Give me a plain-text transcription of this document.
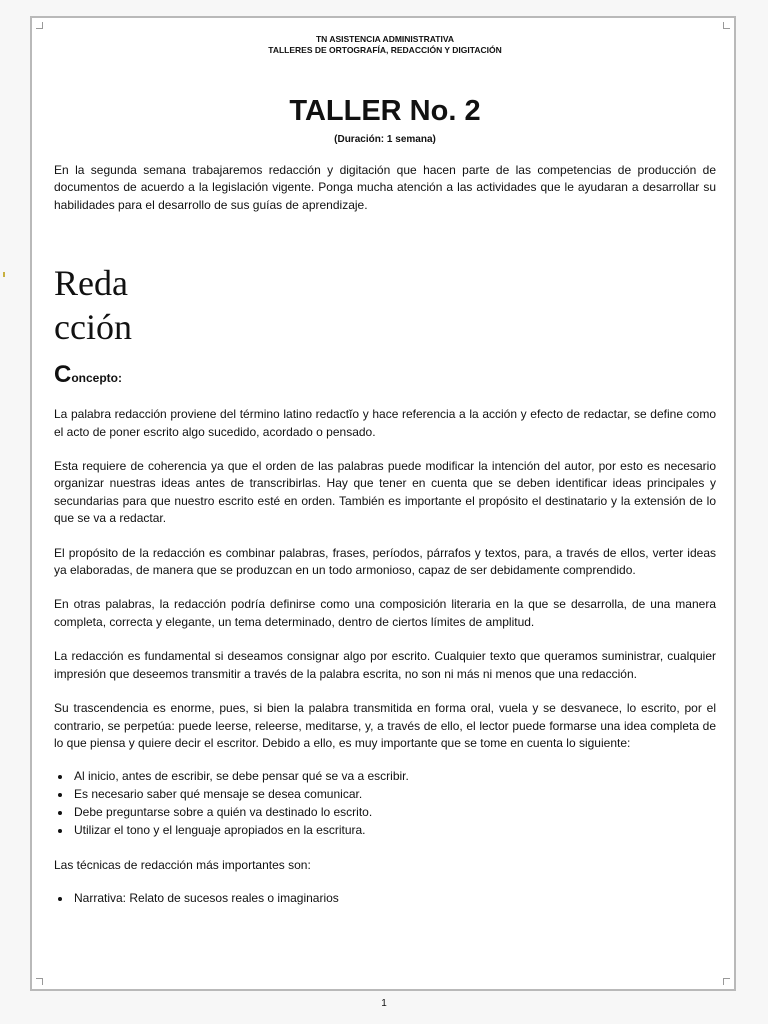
TN ASISTENCIA ADMINISTRATIVA
TALLERES DE ORTOGRAFÍA, REDACCIÓN Y DIGITACIÓN
TALLER No. 2
(Duración: 1 semana)

En la segunda semana trabajaremos redacción y digitación que hacen parte de las competencias de producción de documentos de acuerdo a la legislación vigente. Ponga mucha atención a las actividades que le ayudaran a desarrollar su habilidades para el desarrollo de sus guías de aprendizaje.

Reda
cción
Concepto:

La palabra redacción proviene del término latino redactĭo y hace referencia a la acción y efecto de redactar, se define como el acto de poner escrito algo sucedido, acordado o pensado.

Esta requiere de coherencia ya que el orden de las palabras puede modificar la intención del autor, por esto es necesario organizar nuestras ideas antes de transcribirlas. Hay que tener en cuenta que se deben identificar ideas principales y secundarias para que nuestro escrito esté en orden. También es importante el propósito el destinatario y la extensión de lo que se va a redactar.

El propósito de la redacción es combinar palabras, frases, períodos, párrafos y textos, para, a través de ellos, verter ideas ya elaboradas, de manera que se produzcan en un todo armonioso, capaz de ser debidamente comprendido.

En otras palabras, la redacción podría definirse como una composición literaria en la que se desarrolla, de una manera completa, correcta y elegante, un tema determinado, dentro de ciertos límites de amplitud.

La redacción es fundamental si deseamos consignar algo por escrito. Cualquier texto que queramos suministrar, cualquier impresión que deseemos transmitir a través de la palabra escrita, no son ni más ni menos que una redacción.

Su trascendencia es enorme, pues, si bien la palabra transmitida en forma oral, vuela y se desvanece, lo escrito, por el contrario, se perpetúa: puede leerse, releerse, meditarse, y, a través de ello, el lector puede formarse una idea completa de lo que piensa y quiere decir el escritor. Debido a ello, es muy importante que se tome en cuenta lo siguiente:

• Al inicio, antes de escribir, se debe pensar qué se va a escribir.
• Es necesario saber qué mensaje se desea comunicar.
• Debe preguntarse sobre a quién va destinado lo escrito.
• Utilizar el tono y el lenguaje apropiados en la escritura.

Las técnicas de redacción más importantes son:

• Narrativa: Relato de sucesos reales o imaginarios
1
